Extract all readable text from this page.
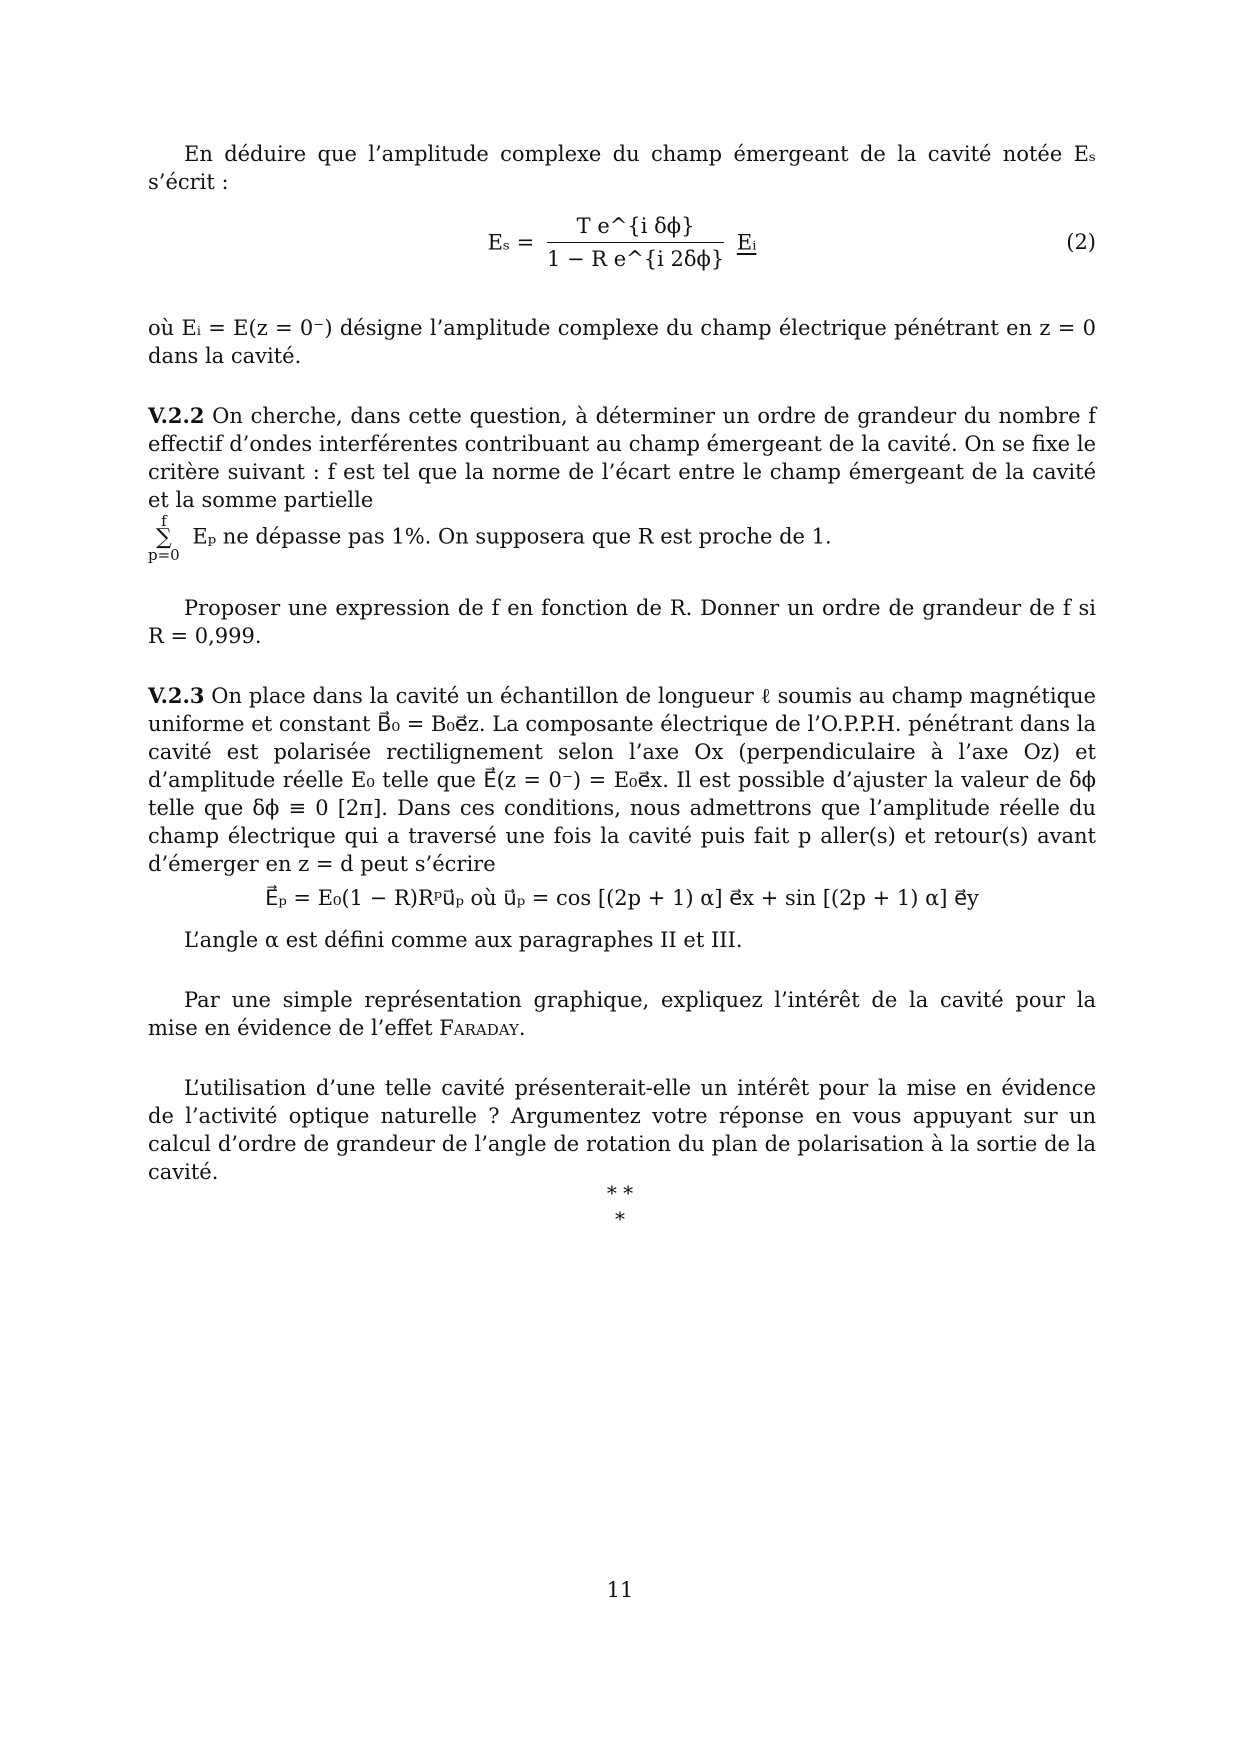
En déduire que l’amplitude complexe du champ émergeant de la cavité notée Eₛ s’écrit :

$E_s = \frac{\text{T e\textasciicircum{}\{i δϕ\}}}{\text{1 − R e\textasciicircum{}\{i 2δϕ\}}}$ Eᵢ	(2)

où Eᵢ = E(z = 0⁻) désigne l’amplitude complexe du champ électrique pénétrant en z = 0 dans la cavité.

V.2.2 On cherche, dans cette question, à déterminer un ordre de grandeur du nombre f effectif d’ondes interférentes contribuant au champ émergeant de la cavité. On se fixe le critère suivant : f est tel que la norme de l’écart entre le champ émergeant de la cavité et la somme partielle

f
∑
p=0
Eₚ ne dépasse pas 1%. On supposera que R est proche de 1.

Proposer une expression de f en fonction de R. Donner un ordre de grandeur de f si R = 0,999.

V.2.3 On place dans la cavité un échantillon de longueur ℓ soumis au champ magnétique uniforme et constant B⃗₀ = B₀e⃗z. La composante électrique de l’O.P.P.H. pénétrant dans la cavité est polarisée rectilignement selon l’axe Ox (perpendiculaire à l’axe Oz) et d’amplitude réelle E₀ telle que E⃗(z = 0⁻) = E₀e⃗x. Il est possible d’ajuster la valeur de δϕ telle que δϕ ≡ 0 [2π]. Dans ces conditions, nous admettrons que l’amplitude réelle du champ électrique qui a traversé une fois la cavité puis fait p aller(s) et retour(s) avant d’émerger en z = d peut s’écrire

E⃗ₚ = E₀(1 − R)Rᵖu⃗ₚ où u⃗ₚ = cos [(2p + 1) α] e⃗x + sin [(2p + 1) α] e⃗y

L’angle α est défini comme aux paragraphes II et III.

Par une simple représentation graphique, expliquez l’intérêt de la cavité pour la mise en évidence de l’effet Faraday.

L’utilisation d’une telle cavité présenterait-elle un intérêt pour la mise en évidence de l’activité optique naturelle ? Argumentez votre réponse en vous appuyant sur un calcul d’ordre de grandeur de l’angle de rotation du plan de polarisation à la sortie de la cavité.

* *
*
11
